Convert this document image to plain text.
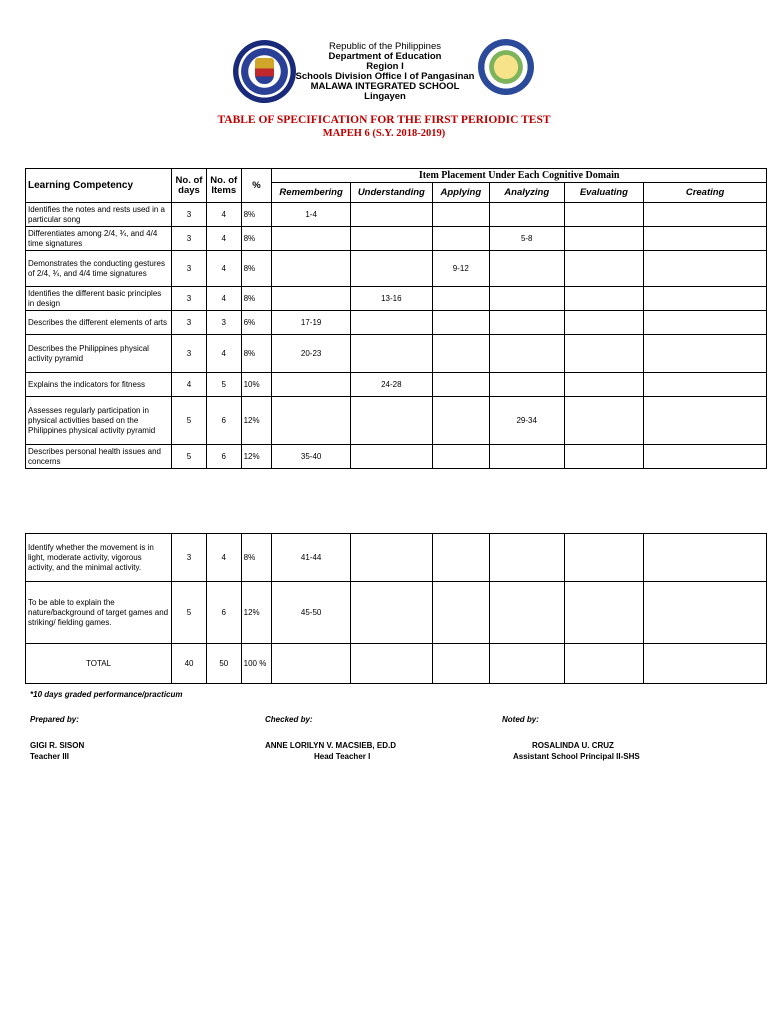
Republic of the Philippines
Department of Education
Region I
Schools Division Office I of Pangasinan
MALAWA INTEGRATED SCHOOL
Lingayen
TABLE OF SPECIFICATION FOR THE FIRST PERIODIC TEST
MAPEH 6 (S.Y. 2018-2019)
Learning Competency	No. of days	No. of Items	%	Item Placement Under Each Cognitive Domain					
				Remembering	Understanding	Applying	Analyzing	Evaluating	Creating
Identifies the notes and rests used in a particular song	3	4	8%	1-4					
Differentiates among 2/4, ¾, and 4/4 time signatures	3	4	8%				5-8		
Demonstrates the conducting gestures of 2/4, ¾, and 4/4 time signatures	3	4	8%			9-12			
Identifies the different basic principles in design	3	4	8%		13-16				
Describes the different elements of arts	3	3	6%	17-19					
Describes the Philippines physical activity pyramid	3	4	8%	20-23					
Explains the indicators for fitness	4	5	10%		24-28				
Assesses regularly participation in physical activities based on the Philippines physical activity pyramid	5	6	12%				29-34		
Describes personal health issues and concerns	5	6	12%	35-40					
Identify whether the movement is in light, moderate activity, vigorous activity, and the minimal activity.	3	4	8%	41-44					
To be able to explain the nature/background of target games and striking/ fielding games.	5	6	12%	45-50					
TOTAL	40	50	100 %						
*10 days graded performance/practicum
Prepared by:
GIGI R. SISON
Teacher III
Checked by:
ANNE LORILYN V. MACSIEB, ED.D
Head Teacher I
Noted by:
ROSALINDA U. CRUZ
Assistant School Principal II-SHS
